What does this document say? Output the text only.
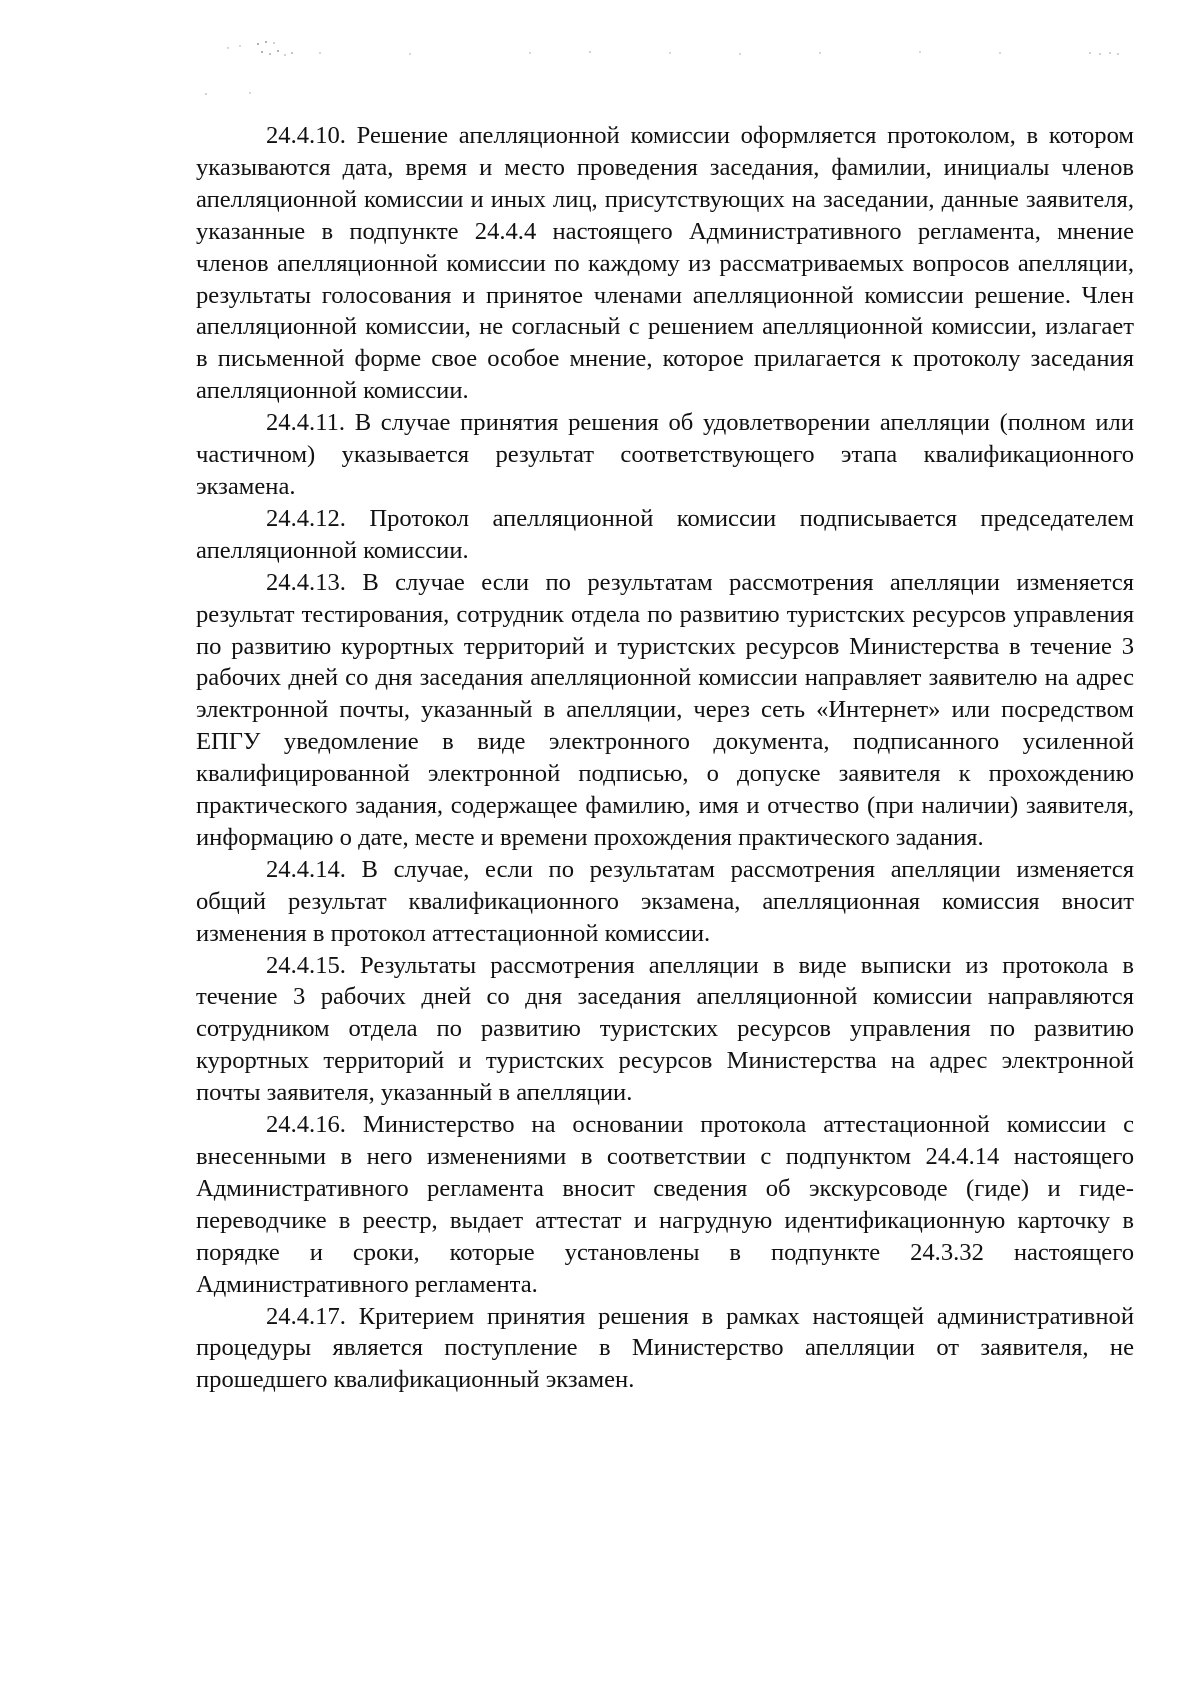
24.4.10. Решение апелляционной комиссии оформляется протоколом, в котором указываются дата, время и место проведения заседания, фамилии, инициалы членов апелляционной комиссии и иных лиц, присутствующих на заседании, данные заявителя, указанные в подпункте 24.4.4 настоящего Административного регламента, мнение членов апелляционной комиссии по каждому из рассматриваемых вопросов апелляции, результаты голосования и принятое членами апелляционной комиссии решение. Член апелляционной комиссии, не согласный с решением апелляционной комиссии, излагает в письменной форме свое особое мнение, которое прилагается к протоколу заседания апелляционной комиссии.

24.4.11. В случае принятия решения об удовлетворении апелляции (полном или частичном) указывается результат соответствующего этапа квалификационного экзамена.

24.4.12. Протокол апелляционной комиссии подписывается председателем апелляционной комиссии.

24.4.13. В случае если по результатам рассмотрения апелляции изменяется результат тестирования, сотрудник отдела по развитию туристских ресурсов управления по развитию курортных территорий и туристских ресурсов Министерства в течение 3 рабочих дней со дня заседания апелляционной комиссии направляет заявителю на адрес электронной почты, указанный в апелляции, через сеть «Интернет» или посредством ЕПГУ уведомление в виде электронного документа, подписанного усиленной квалифицированной электронной подписью, о допуске заявителя к прохождению практического задания, содержащее фамилию, имя и отчество (при наличии) заявителя, информацию о дате, месте и времени прохождения практического задания.

24.4.14. В случае, если по результатам рассмотрения апелляции изменяется общий результат квалификационного экзамена, апелляционная комиссия вносит изменения в протокол аттестационной комиссии.

24.4.15. Результаты рассмотрения апелляции в виде выписки из протокола в течение 3 рабочих дней со дня заседания апелляционной комиссии направляются сотрудником отдела по развитию туристских ресурсов управления по развитию курортных территорий и туристских ресурсов Министерства на адрес электронной почты заявителя, указанный в апелляции.

24.4.16. Министерство на основании протокола аттестационной комиссии с внесенными в него изменениями в соответствии с подпунктом 24.4.14 настоящего Административного регламента вносит сведения об экскурсоводе (гиде) и гиде-переводчике в реестр, выдает аттестат и нагрудную идентификационную карточку в порядке и сроки, которые установлены в подпункте 24.3.32 настоящего Административного регламента.

24.4.17. Критерием принятия решения в рамках настоящей административной процедуры является поступление в Министерство апелляции от заявителя, не прошедшего квалификационный экзамен.
